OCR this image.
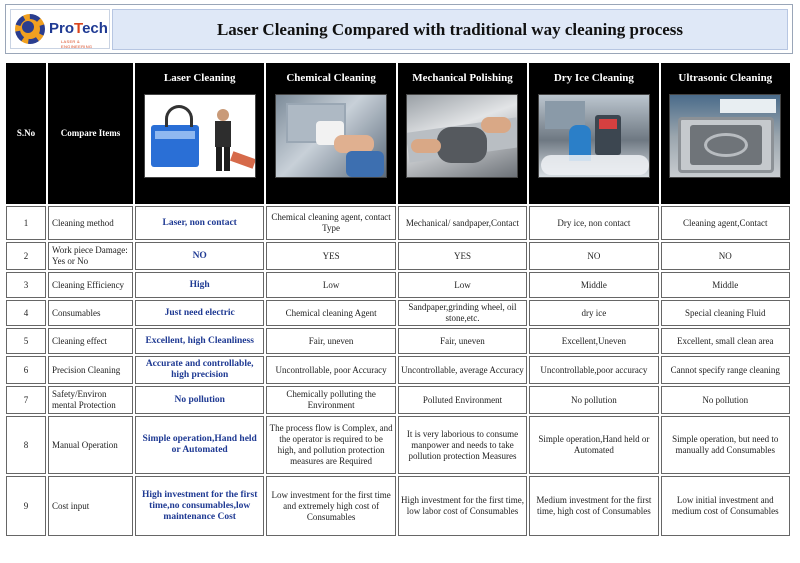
ProTech
LASER & ENGINEERING
Laser Cleaning Compared with traditional way cleaning process
S.No	Compare Items	Laser Cleaning	Chemical Cleaning	Mechanical Polishing	Dry Ice Cleaning	Ultrasonic Cleaning

1	Cleaning method	Laser, non contact	Chemical cleaning agent, contact Type	Mechanical/ sandpaper,Contact	Dry ice, non contact	Cleaning agent,Contact
2	Work piece Damage: Yes or No	NO	YES	YES	NO	NO
3	Cleaning Efficiency	High	Low	Low	Middle	Middle
4	Consumables	Just need electric	Chemical cleaning Agent	Sandpaper,grinding wheel, oil stone,etc.	dry ice	Special cleaning Fluid
5	Cleaning effect	Excellent, high Cleanliness	Fair, uneven	Fair, uneven	Excellent,Uneven	Excellent, small clean area
6	Precision Cleaning	Accurate and controllable, high precision	Uncontrollable, poor Accuracy	Uncontrollable, average Accuracy	Uncontrollable,poor accuracy	Cannot specify range cleaning
7	Safety/Environ mental Protection	No pollution	Chemically polluting the Environment	Polluted Environment	No pollution	No pollution
8	Manual Operation	Simple operation,Hand held or Automated	The process flow is Complex, and the operator is required to be high, and pollution protection measures are Required	It is very laborious to consume manpower and needs to take pollution protection Measures	Simple operation,Hand held or Automated	Simple operation, but need to manually add Consumables
9	Cost input	High investment for the first time,no consumables,low maintenance Cost	Low investment for the first time and extremely high cost of Consumables	High investment for the first time, low labor cost of Consumables	Medium investment for the first time, high cost of Consumables	Low initial investment and medium cost of Consumables
